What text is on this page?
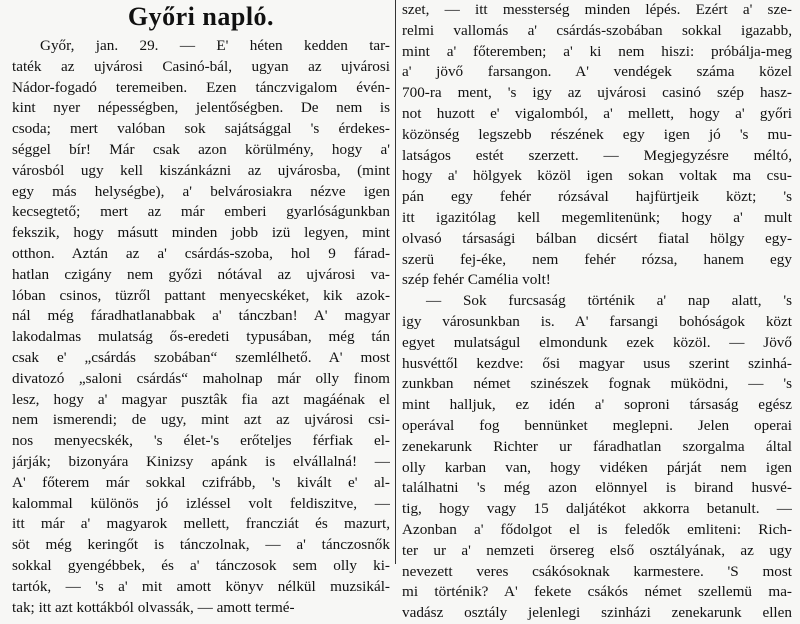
Győri napló.
Győr, jan. 29. — E' héten kedden tar-
taték az ujvárosi Casinó-bál, ugyan az ujvárosi
Nádor-fogadó teremeiben. Ezen tánczvigalom évén-
kint nyer népességben, jelentőségben. De nem is
csoda; mert valóban sok sajátsággal 's érdekes-
séggel bír! Már csak azon körülmény, hogy a'
városból ugy kell kiszánkázni az ujvárosba, (mint
egy más helységbe), a' belvárosiakra nézve igen
kecsegtető; mert az már emberi gyarlóságunkban
fekszik, hogy másutt minden jobb izü legyen, mint
otthon. Aztán az a' csárdás-szoba, hol 9 fárad-
hatlan czigány nem győzi nótával az ujvárosi va-
lóban csinos, tüzről pattant menyecskéket, kik azok-
nál még fáradhatlanabbak a' tánczban! A' magyar
lakodalmas mulatság ős-eredeti typusában, még tán
csak e' „csárdás szobában“ szemlélhető. A' most
divatozó „saloni csárdás“ maholnap már olly finom
lesz, hogy a' magyar pusztâk fia azt magáénak el
nem ismerendi; de ugy, mint azt az ujvárosi csi-
nos menyecskék, 's élet-'s erőteljes férfiak el-
járják; bizonyára Kinizsy apánk is elvállalná! —
A' főterem már sokkal czifrább, 's kivált e' al-
kalommal különös jó izléssel volt feldiszitve, —
itt már a' magyarok mellett, francziát és mazurt,
söt még keringőt is tánczolnak, — a' tánczosnők
sokkal gyengébbek, és a' tánczosok sem olly ki-
tartók, — 's a' mit amott könyv nélkül muzsikál-
tak; itt azt kottákból olvassák, — amott termé-
szet, — itt messterség minden lépés. Ezért a' sze-
relmi vallomás a' csárdás-szobában sokkal igazabb,
mint a' főteremben; a' ki nem hiszi: próbálja-meg
a' jövő farsangon. A' vendégek száma közel
700-ra ment, 's igy az ujvárosi casinó szép hasz-
not huzott e' vigalomból, a' mellett, hogy a' győri
közönség legszebb részének egy igen jó 's mu-
latságos estét szerzett. — Megjegyzésre méltó,
hogy a' hölgyek közöl igen sokan voltak ma csu-
pán egy fehér rózsával hajfürtjeik közt; 's
itt igazitólag kell megemlitenünk; hogy a' mult
olvasó társasági bálban dicsért fiatal hölgy egy-
szerü fej-éke, nem fehér rózsa, hanem egy
szép fehér Camélia volt!
— Sok furcsaság történik a' nap alatt, 's
igy városunkban is. A' farsangi bohóságok közt
egyet mulatságul elmondunk ezek közöl. — Jövő
husvéttől kezdve: ősi magyar usus szerint szinhá-
zunkban német szinészek fognak müködni, — 's
mint halljuk, ez idén a' soproni társaság egész
operával fog bennünket meglepni. Jelen operai
zenekarunk Richter ur fáradhatlan szorgalma által
olly karban van, hogy vidéken párját nem igen
találhatni 's még azon elönnyel is birand husvé-
tig, hogy vagy 15 daljátékot akkorra betanult. —
Azonban a' fődolgot el is feledők emliteni: Rich-
ter ur a' nemzeti örsereg első osztályának, az ugy
nevezett veres csákósoknak karmestere. 'S most
mi történik? A' fekete csákós német szellemü ma-
vadász osztály jelenlegi szinházi zenekarunk ellen
